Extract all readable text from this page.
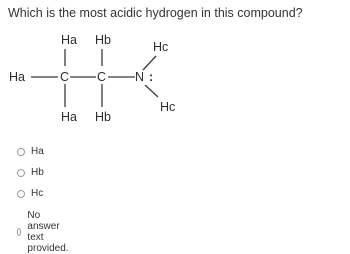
Which is the most acidic hydrogen in this compound?
Ha Hb	Hc
Ha	C C N :
Hc
Ha Hb
Ha
Hb
Hc
No answer text provided.
